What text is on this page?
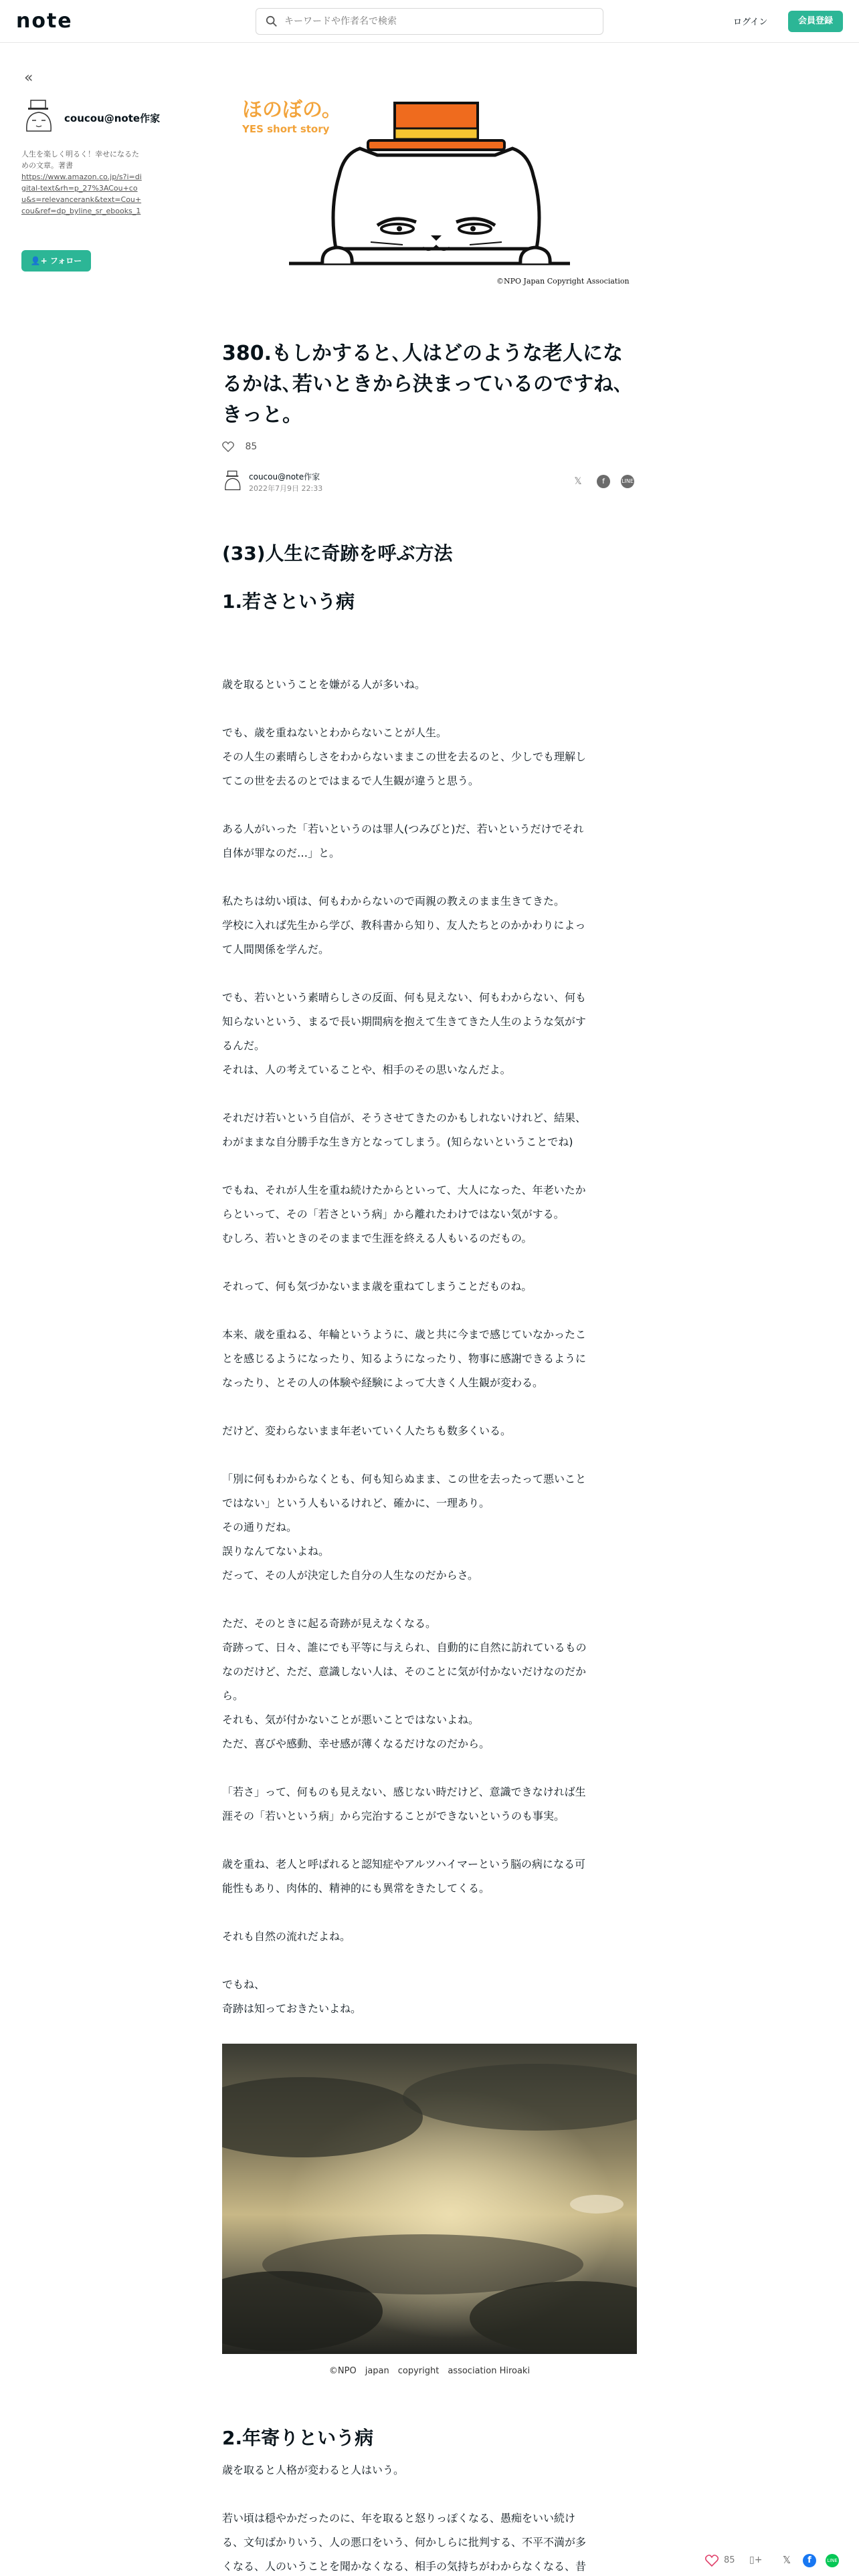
note
キーワードや作者名で検索	ログイン	会員登録
«
coucou@note作家
人生を楽しく明るく！幸せになるための文章。著書
https://www.amazon.co.jp/s?i=digital-text&rh=p_27%3ACou+cou&s=relevancerank&text=Cou+cou&ref=dp_byline_sr_ebooks_1
👤+ フォロー
ほのぼの。
YES short story
©NPO Japan Copyright Association
380.もしかすると､人はどのような老人になるかは､若いときから決まっているのですね､きっと。
85
coucou@note作家
2022年7月9日 22:33
𝕏	f	LINE
(33)人生に奇跡を呼ぶ方法
1.若さという病
歳を取るということを嫌がる人が多いね。
でも、歳を重ねないとわからないことが人生。
その人生の素晴らしさをわからないままこの世を去るのと、少しでも理解し
てこの世を去るのとではまるで人生観が違うと思う。
ある人がいった「若いというのは罪人(つみびと)だ、若いというだけでそれ
自体が罪なのだ…」と。
私たちは幼い頃は、何もわからないので両親の教えのまま生きてきた。
学校に入れば先生から学び、教科書から知り、友人たちとのかかわりによっ
て人間関係を学んだ。
でも、若いという素晴らしさの反面、何も見えない、何もわからない、何も
知らないという、まるで長い期間病を抱えて生きてきた人生のような気がす
るんだ。
それは、人の考えていることや、相手のその思いなんだよ。
それだけ若いという自信が、そうさせてきたのかもしれないけれど、結果、
わがままな自分勝手な生き方となってしまう。(知らないということでね)
でもね、それが人生を重ね続けたからといって、大人になった、年老いたか
らといって、その「若さという病」から離れたわけではない気がする。
むしろ、若いときのそのままで生涯を終える人もいるのだもの。
それって、何も気づかないまま歳を重ねてしまうことだものね。
本来、歳を重ねる、年輪というように、歳と共に今まで感じていなかったこ
とを感じるようになったり、知るようになったり、物事に感謝できるように
なったり、とその人の体験や経験によって大きく人生観が変わる。
だけど、変わらないまま年老いていく人たちも数多くいる。
「別に何もわからなくとも、何も知らぬまま、この世を去ったって悪いこと
ではない」という人もいるけれど、確かに、一理あり。
その通りだね。
誤りなんてないよね。
だって、その人が決定した自分の人生なのだからさ。
ただ、そのときに起る奇跡が見えなくなる。
奇跡って、日々、誰にでも平等に与えられ、自動的に自然に訪れているもの
なのだけど、ただ、意識しない人は、そのことに気が付かないだけなのだか
ら。
それも、気が付かないことが悪いことではないよね。
ただ、喜びや感動、幸せ感が薄くなるだけなのだから。
「若さ」って、何ものも見えない、感じない時だけど、意識できなければ生
涯その「若いという病」から完治することができないというのも事実。
歳を重ね、老人と呼ばれると認知症やアルツハイマーという脳の病になる可
能性もあり、肉体的、精神的にも異常をきたしてくる。
それも自然の流れだよね。
でもね、
奇跡は知っておきたいよね。
©NPO　japan　copyright　association Hiroaki
2.年寄りという病
歳を取ると人格が変わると人はいう。
若い頃は穏やかだったのに、年を取ると怒りっぽくなる、愚痴をいい続け
る、文句ばかりいう、人の悪口をいう、何かしらに批判する、不平不満が多
くなる、人のいうことを聞かなくなる、相手の気持ちがわからなくなる、昔	85 ▯+ 𝕏	f	LINE
